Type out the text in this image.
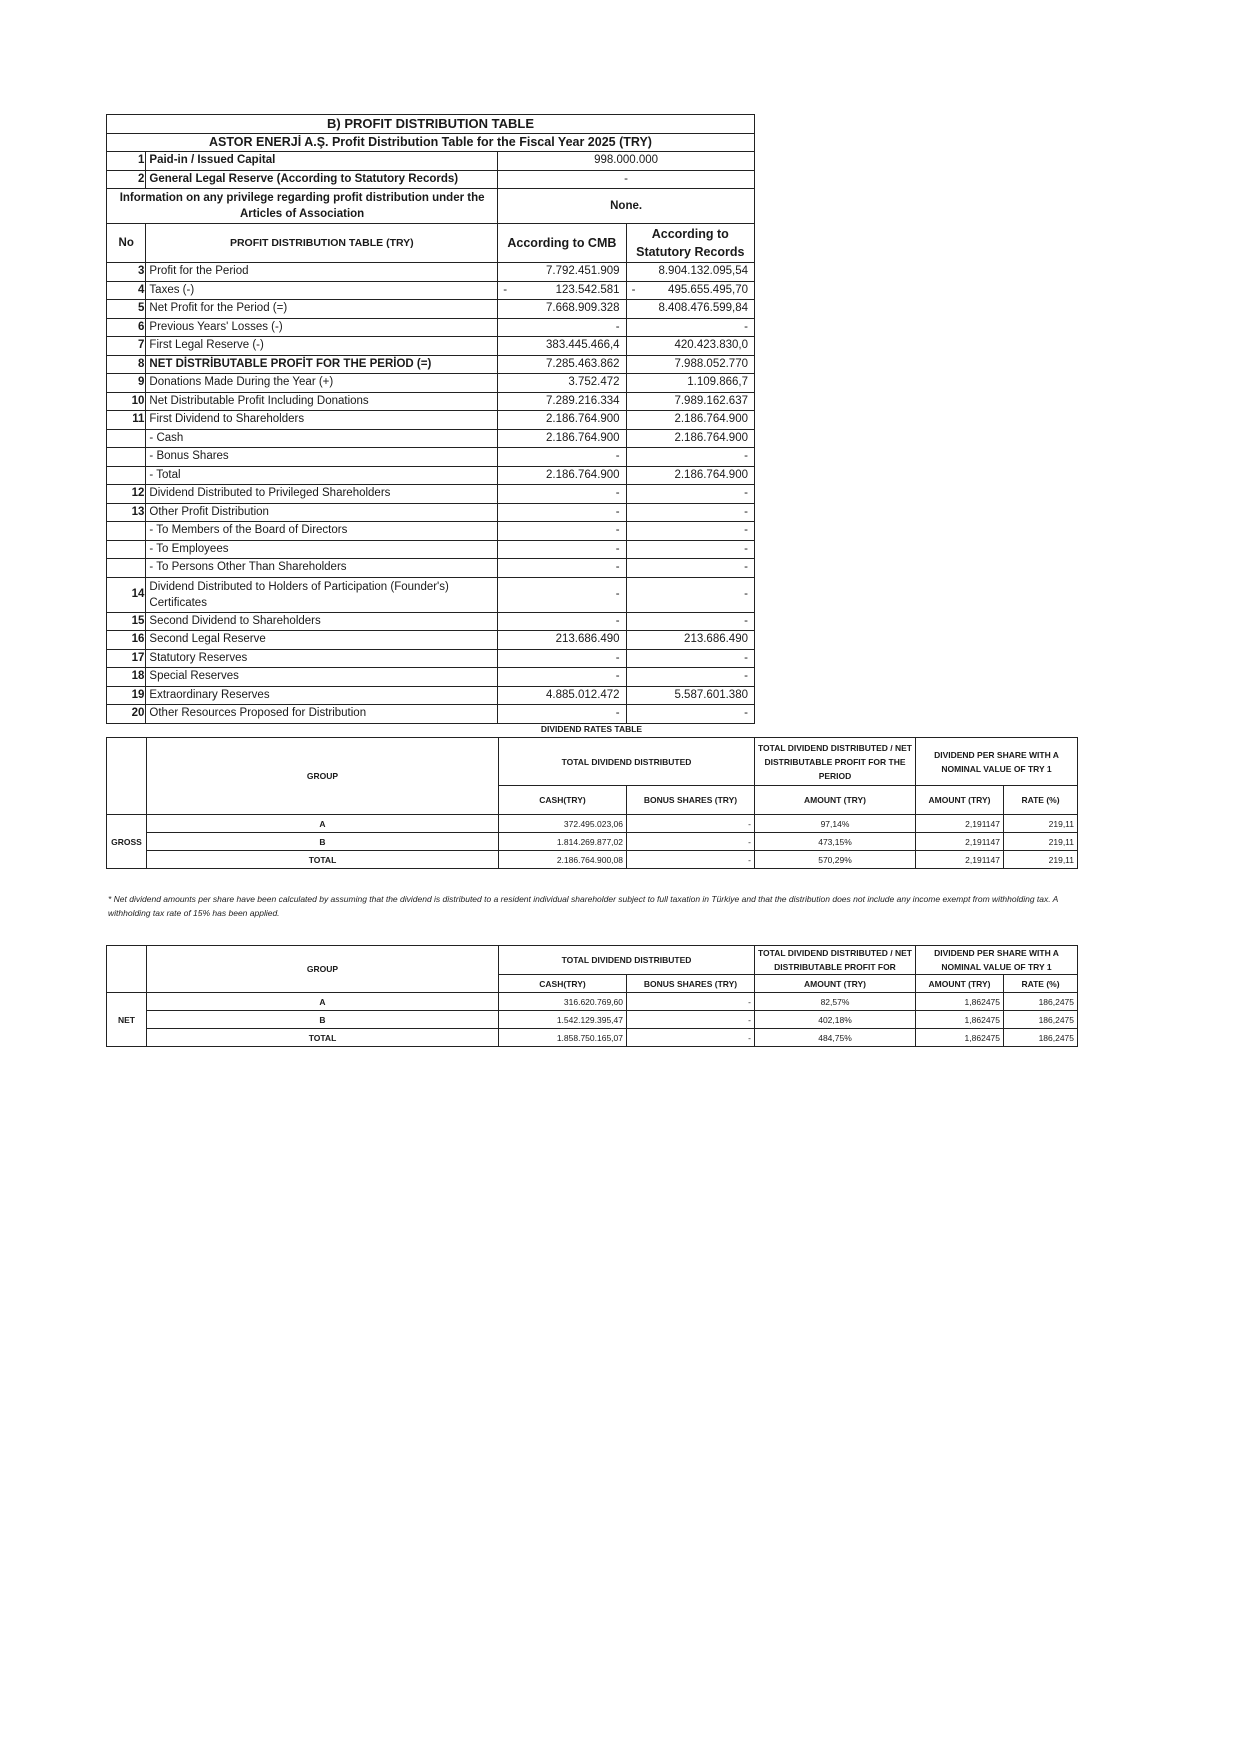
B) PROFIT DISTRIBUTION TABLE			
ASTOR ENERJİ A.Ş. Profit Distribution Table for the Fiscal Year 2025 (TRY)			
1	Paid-in / Issued Capital	998.000.000	
2	General Legal Reserve (According to Statutory Records)	-	
Information on any privilege regarding profit distribution under the Articles of Association		None.	
No	PROFIT DISTRIBUTION TABLE (TRY)	According to CMB	According to Statutory Records
3	Profit for the Period	7.792.451.909	8.904.132.095,54
4	Taxes (-)	- 123.542.581	- 495.655.495,70

5	Net Profit for the Period (=)	7.668.909.328	8.408.476.599,84
6	Previous Years' Losses (-)	-	-
7	First Legal Reserve (-)	383.445.466,4	420.423.830,0
8	NET DİSTRİBUTABLE PROFİT FOR THE PERİOD (=)	7.285.463.862	7.988.052.770
9	Donations Made During the Year (+)	3.752.472	1.109.866,7
10	Net Distributable Profit Including Donations	7.289.216.334	7.989.162.637
11	First Dividend to Shareholders	2.186.764.900	2.186.764.900
	- Cash	2.186.764.900	2.186.764.900
	- Bonus Shares	-	-
	- Total	2.186.764.900	2.186.764.900
12	Dividend Distributed to Privileged Shareholders	-	-
13	Other Profit Distribution	-	-
	- To Members of the Board of Directors	-	-
	- To Employees	-	-
	- To Persons Other Than Shareholders	-	-
14	Dividend Distributed to Holders of Participation (Founder's) Certificates	-	-
15	Second Dividend to Shareholders	-	-
16	Second Legal Reserve	213.686.490	213.686.490
17	Statutory Reserves	-	-
18	Special Reserves	-	-
19	Extraordinary Reserves	4.885.012.472	5.587.601.380
20	Other Resources Proposed for Distribution	-	-
DIVIDEND RATES TABLE
	GROUP	TOTAL DIVIDEND DISTRIBUTED		TOTAL DIVIDEND DISTRIBUTED / NET DISTRIBUTABLE PROFIT FOR THE PERIOD	DIVIDEND PER SHARE WITH A NOMINAL VALUE OF TRY 1	
		CASH(TRY)	BONUS SHARES (TRY)	AMOUNT (TRY)	AMOUNT (TRY)	RATE (%)
GROSS	A	372.495.023,06	-	97,14%	2,191147	219,11
	B	1.814.269.877,02	-	473,15%	2,191147	219,11
	TOTAL	2.186.764.900,08	-	570,29%	2,191147	219,11
* Net dividend amounts per share have been calculated by assuming that the dividend is distributed to a resident individual shareholder subject to full taxation in Türkiye and that the distribution does not include any income exempt from withholding tax. A withholding tax rate of 15% has been applied.
	GROUP	TOTAL DIVIDEND DISTRIBUTED		TOTAL DIVIDEND DISTRIBUTED / NET DISTRIBUTABLE PROFIT FOR	DIVIDEND PER SHARE WITH A NOMINAL VALUE OF TRY 1	
		CASH(TRY)	BONUS SHARES (TRY)	AMOUNT (TRY)	AMOUNT (TRY)	RATE (%)
NET	A	316.620.769,60	-	82,57%	1,862475	186,2475
	B	1.542.129.395,47	-	402,18%	1,862475	186,2475
	TOTAL	1.858.750.165,07	-	484,75%	1,862475	186,2475
